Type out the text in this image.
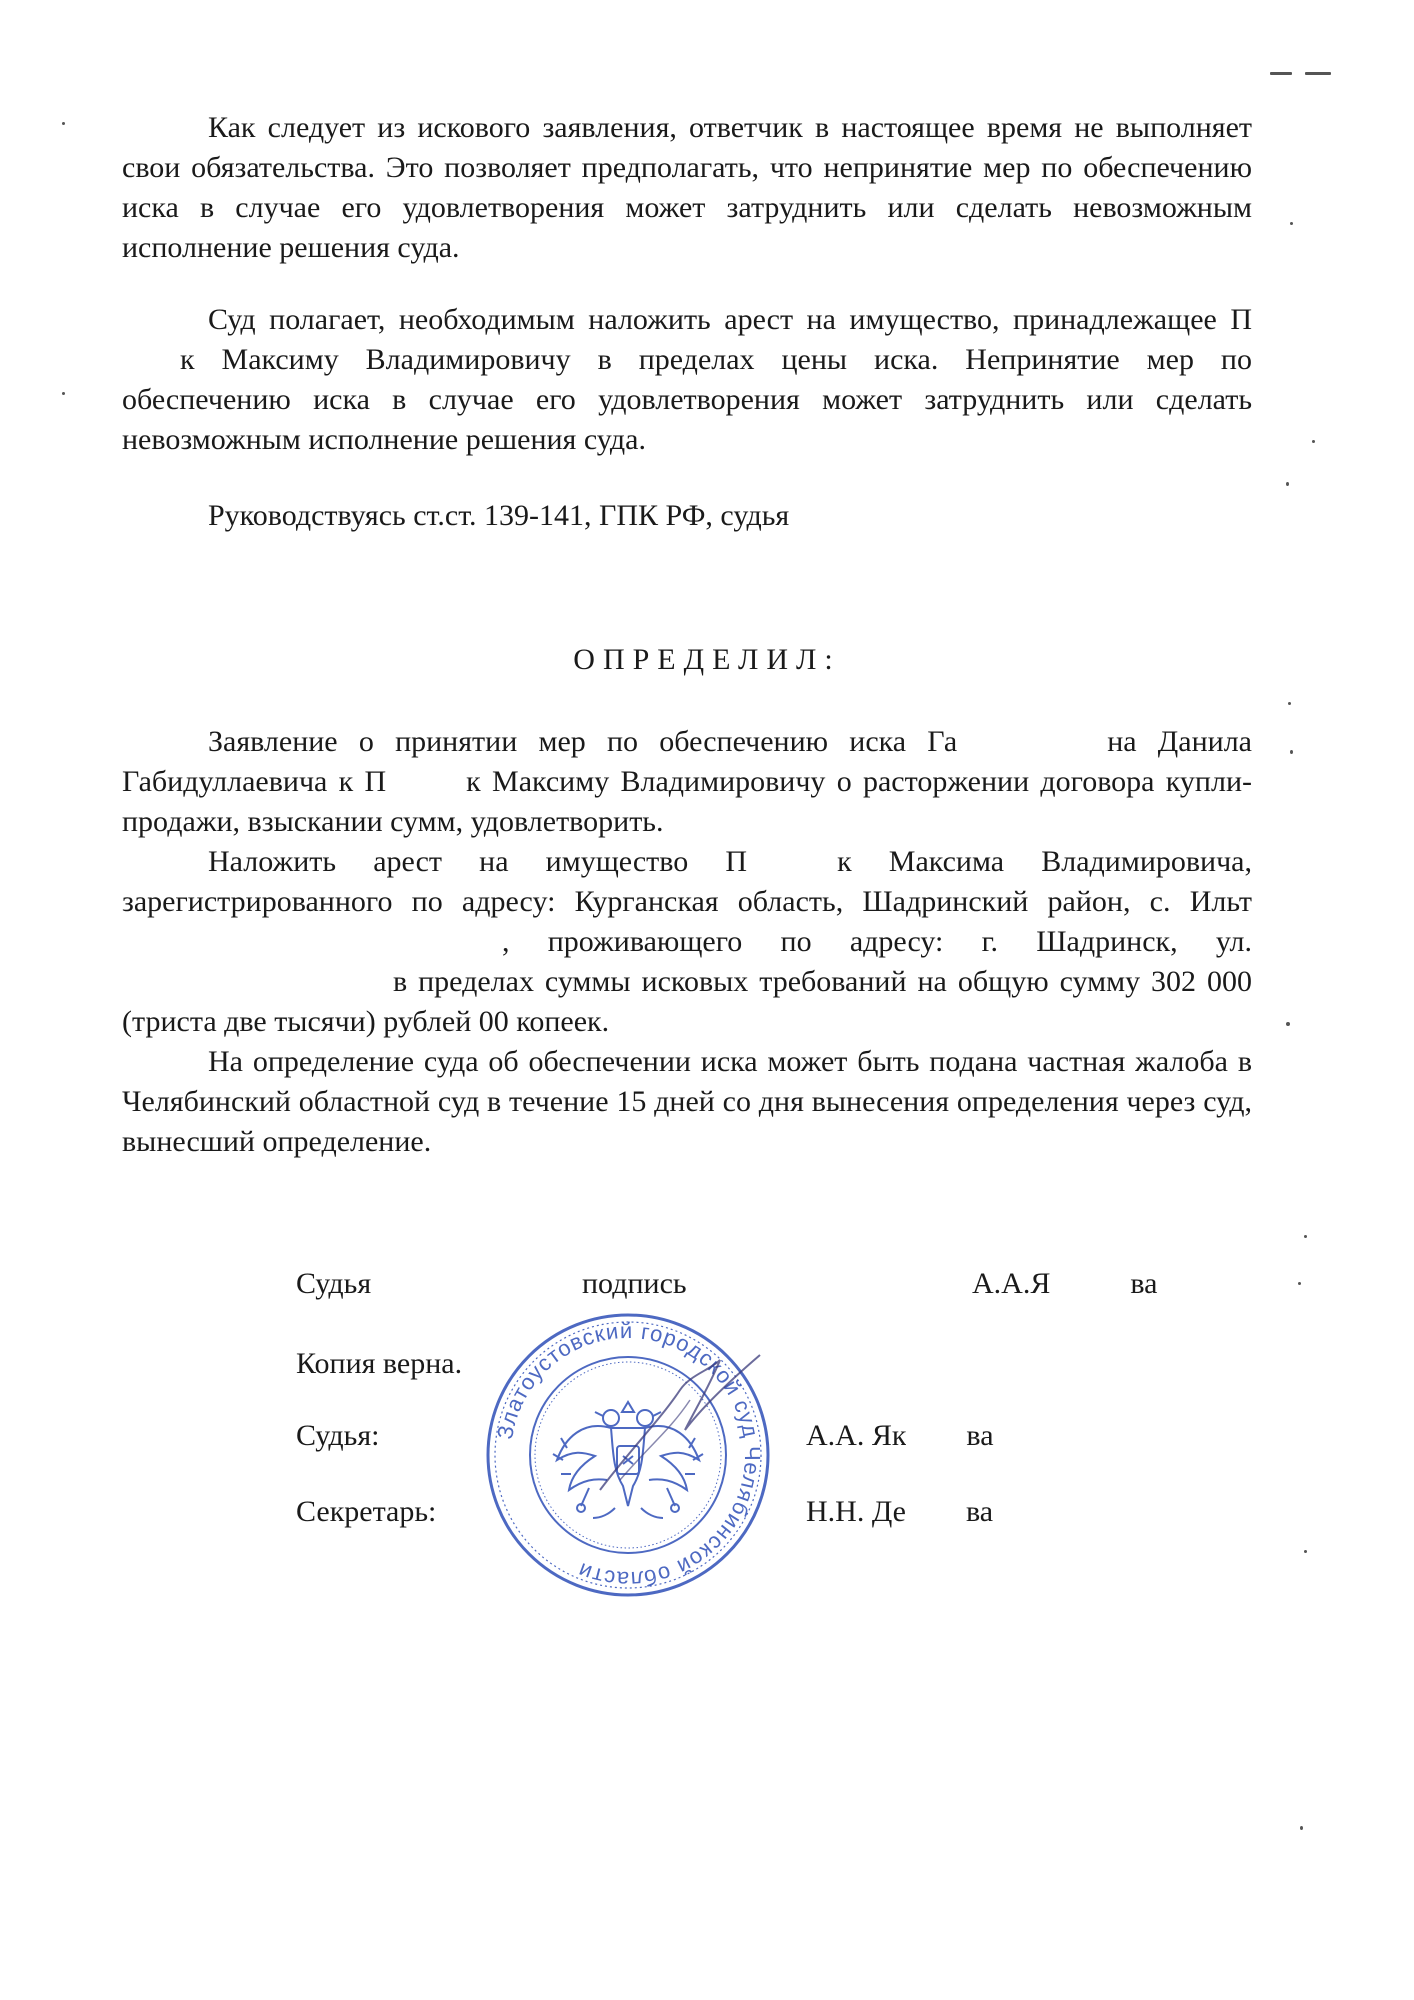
Как следует из искового заявления, ответчик в настоящее время не выполняет свои обязательства. Это позволяет предполагать, что непринятие мер по обеспечению иска в случае его удовлетворения может затруднить или сделать невозможным исполнение решения суда.

Суд полагает, необходимым наложить арест на имущество, принадлежащее Пк Максиму Владимировичу в пределах цены иска. Непринятие мер по обеспечению иска в случае его удовлетворения может затруднить или сделать невозможным исполнение решения суда.

Руководствуясь ст.ст. 139-141, ГПК РФ, судья

ОПРЕДЕЛИЛ:

Заявление о принятии мер по обеспечению иска Га	на Данила Габидуллаевича к П	к Максиму Владимировичу о расторжении договора купли-продажи, взыскании сумм, удовлетворить.

Наложить арест на имущество П	к Максима Владимировича, зарегистрированного по адресу: Курганская область, Шадринский район, с. Ильт, проживающего по адресу: г. Шадринск, ул.  в пределах суммы исковых требований на общую сумму 302 000 (триста две тысячи) рублей 00 копеек.

На определение суда об обеспечении иска может быть подана частная жалоба в Челябинский областной суд в течение 15 дней со дня вынесения определения через суд, вынесший определение.

Судья	подпись	А.А.Я	ва
Копия верна.
Судья:	А.А. Як ва
Секретарь:	Н.Н. Де ва
Златоустовский городской суд Челябинской области
